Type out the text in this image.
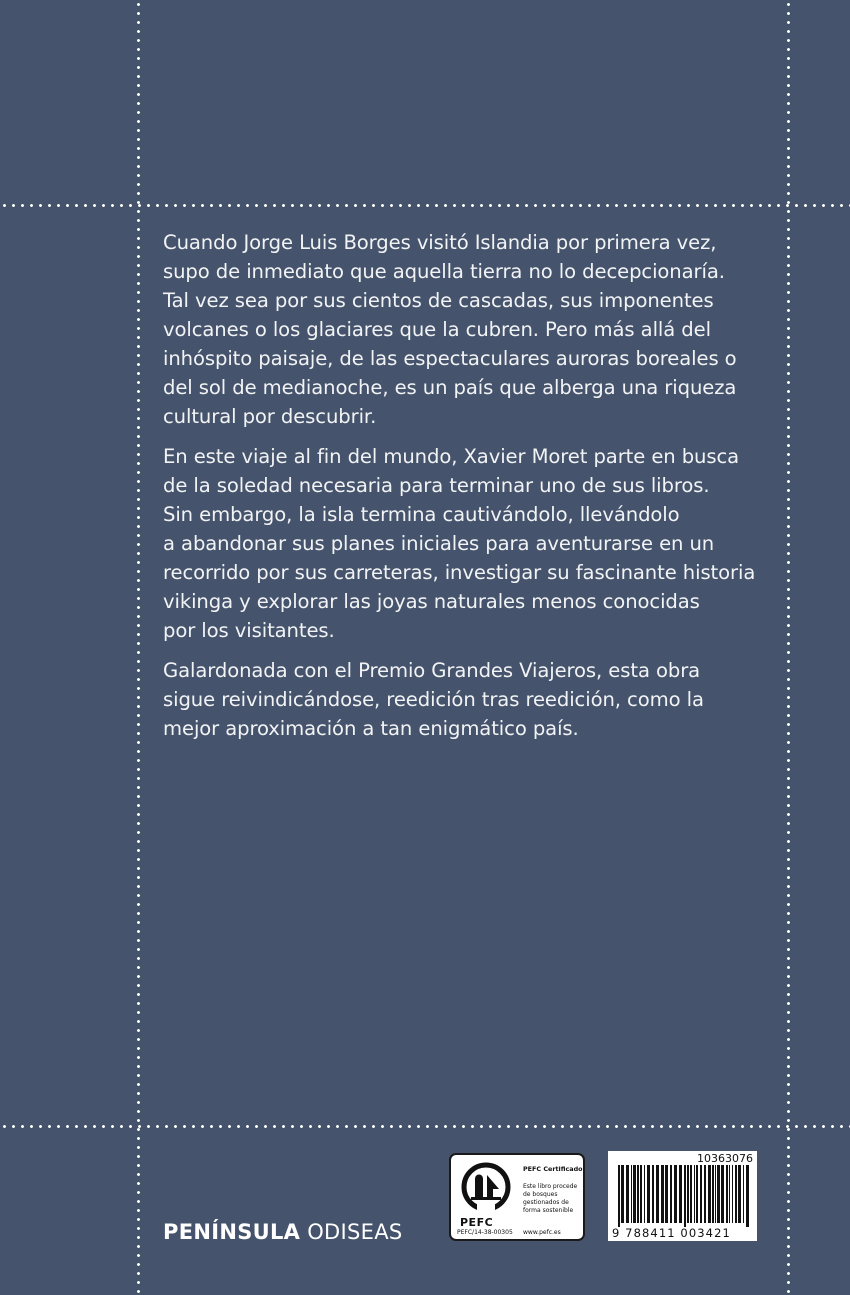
Cuando Jorge Luis Borges visitó Islandia por primera vez,
supo de inmediato que aquella tierra no lo decepcionaría.
Tal vez sea por sus cientos de cascadas, sus imponentes
volcanes o los glaciares que la cubren. Pero más allá del
inhóspito paisaje, de las espectaculares auroras boreales o
del sol de medianoche, es un país que alberga una riqueza
cultural por descubrir.

En este viaje al fin del mundo, Xavier Moret parte en busca
de la soledad necesaria para terminar uno de sus libros.
Sin embargo, la isla termina cautivándolo, llevándolo
a abandonar sus planes iniciales para aventurarse en un
recorrido por sus carreteras, investigar su fascinante historia
vikinga y explorar las joyas naturales menos conocidas
por los visitantes.

Galardonada con el Premio Grandes Viajeros, esta obra
sigue reivindicándose, reedición tras reedición, como la
mejor aproximación a tan enigmático país.

PENÍNSULA ODISEAS	PEFC
PEFC/14-38-00305
PEFC Certificado
Este libro procede de bosques gestionados de forma sostenible
www.pefc.es
10363076
9 788411 003421
